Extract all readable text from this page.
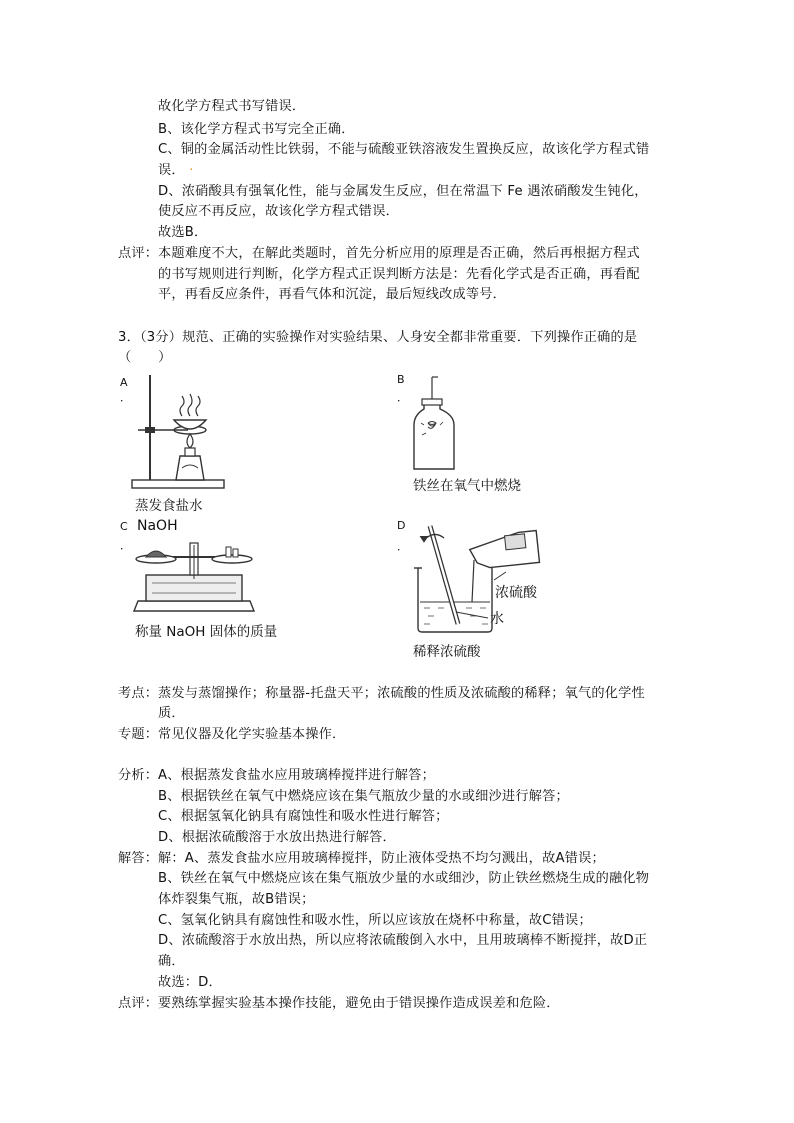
故化学方程式书写错误．
B、该化学方程式书写完全正确．
C、铜的金属活动性比铁弱，不能与硫酸亚铁溶液发生置换反应，故该化学方程式错
误． ·
D、浓硝酸具有强氧化性，能与金属发生反应，但在常温下 Fe 遇浓硝酸发生钝化，
使反应不再反应，故该化学方程式错误．
故选B．
点评： 本题难度不大，在解此类题时，首先分析应用的原理是否正确，然后再根据方程式
的书写规则进行判断，化学方程式正误判断方法是：先看化学式是否正确，再看配
平，再看反应条件，再看气体和沉淀，最后短线改成等号．
3．（3分）规范、正确的实验操作对实验结果、人身安全都非常重要．下列操作正确的是
（　　）
A
．
蒸发食盐水
B
．
铁丝在氧气中燃烧
C
．
NaOH
称量 NaOH 固体的质量
D
．
浓硫酸
水
稀释浓硫酸
考点： 蒸发与蒸馏操作；称量器-托盘天平；浓硫酸的性质及浓硫酸的稀释；氧气的化学性
质．
专题： 常见仪器及化学实验基本操作．
分析： A、根据蒸发食盐水应用玻璃棒搅拌进行解答；
B、根据铁丝在氧气中燃烧应该在集气瓶放少量的水或细沙进行解答；
C、根据氢氧化钠具有腐蚀性和吸水性进行解答；
D、根据浓硫酸溶于水放出热进行解答．
解答： 解：A、蒸发食盐水应用玻璃棒搅拌，防止液体受热不均匀溅出，故A错误；
B、铁丝在氧气中燃烧应该在集气瓶放少量的水或细沙，防止铁丝燃烧生成的融化物
体炸裂集气瓶，故B错误；
C、氢氧化钠具有腐蚀性和吸水性，所以应该放在烧杯中称量，故C错误；
D、浓硫酸溶于水放出热，所以应将浓硫酸倒入水中，且用玻璃棒不断搅拌，故D正
确．
故选：D．
点评： 要熟练掌握实验基本操作技能，避免由于错误操作造成误差和危险．
